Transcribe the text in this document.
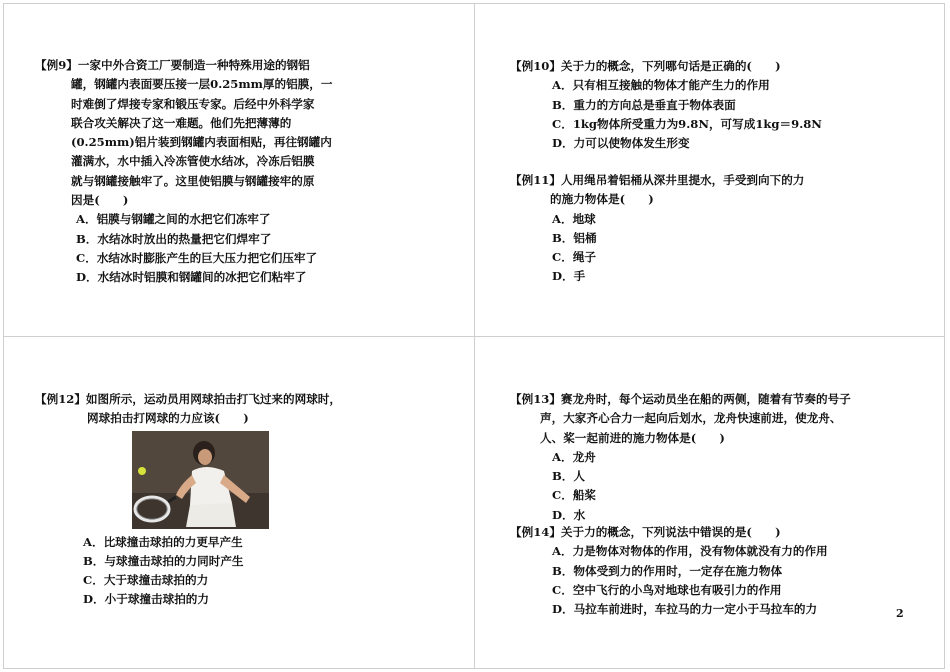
【例9】一家中外合资工厂要制造一种特殊用途的钢铝
罐，钢罐内表面要压接一层0.25mm厚的铝膜，一
时难倒了焊接专家和锻压专家。后经中外科学家
联合攻关解决了这一难题。他们先把薄薄的
(0.25mm)铝片装到钢罐内表面相贴，再往钢罐内
灌满水，水中插入冷冻管使水结冰，冷冻后铝膜
就与钢罐接触牢了。这里使铝膜与钢罐接牢的原
因是(　　)
A．铝膜与钢罐之间的水把它们冻牢了
B．水结冰时放出的热量把它们焊牢了
C．水结冰时膨胀产生的巨大压力把它们压牢了
D．水结冰时铝膜和钢罐间的冰把它们粘牢了
【例10】关于力的概念，下列哪句话是正确的(　　)
A．只有相互接触的物体才能产生力的作用
B．重力的方向总是垂直于物体表面
C．1kg物体所受重力为9.8N，可写成1kg＝9.8N
D．力可以使物体发生形变
【例11】人用绳吊着铝桶从深井里提水，手受到向下的力
的施力物体是(　　)
A．地球
B．铝桶
C．绳子
D．手
【例12】如图所示，运动员用网球拍击打飞过来的网球时，
网球拍击打网球的力应该(　　)
A．比球撞击球拍的力更早产生
B．与球撞击球拍的力同时产生
C．大于球撞击球拍的力
D．小于球撞击球拍的力
【例13】赛龙舟时，每个运动员坐在船的两侧，随着有节奏的号子
声，大家齐心合力一起向后划水，龙舟快速前进，使龙舟、
人、桨一起前进的施力物体是(　　)
A．龙舟
B．人
C．船桨
D．水
【例14】关于力的概念，下列说法中错误的是(　　)
A．力是物体对物体的作用，没有物体就没有力的作用
B．物体受到力的作用时，一定存在施力物体
C．空中飞行的小鸟对地球也有吸引力的作用
D．马拉车前进时，车拉马的力一定小于马拉车的力	2
